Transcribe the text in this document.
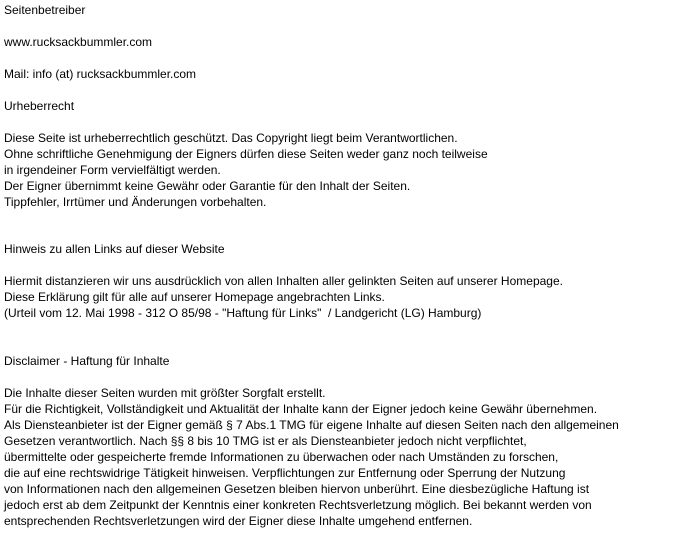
Seitenbetreiber
www.rucksackbummler.com
Mail: info (at) rucksackbummler.com
Urheberrecht
Diese Seite ist urheberrechtlich geschützt. Das Copyright liegt beim Verantwortlichen.
Ohne schriftliche Genehmigung der Eigners dürfen diese Seiten weder ganz noch teilweise
in irgendeiner Form vervielfältigt werden.
Der Eigner übernimmt keine Gewähr oder Garantie für den Inhalt der Seiten.
Tippfehler, Irrtümer und Änderungen vorbehalten.
Hinweis zu allen Links auf dieser Website
Hiermit distanzieren wir uns ausdrücklich von allen Inhalten aller gelinkten Seiten auf unserer Homepage.
Diese Erklärung gilt für alle auf unserer Homepage angebrachten Links.
(Urteil vom 12. Mai 1998 - 312 O 85/98 - "Haftung für Links"  / Landgericht (LG) Hamburg)
Disclaimer - Haftung für Inhalte
Die Inhalte dieser Seiten wurden mit größter Sorgfalt erstellt.
Für die Richtigkeit, Vollständigkeit und Aktualität der Inhalte kann der Eigner jedoch keine Gewähr übernehmen.
Als Diensteanbieter ist der Eigner gemäß § 7 Abs.1 TMG für eigene Inhalte auf diesen Seiten nach den allgemeinen
Gesetzen verantwortlich. Nach §§ 8 bis 10 TMG ist er als Diensteanbieter jedoch nicht verpflichtet,
übermittelte oder gespeicherte fremde Informationen zu überwachen oder nach Umständen zu forschen,
die auf eine rechtswidrige Tätigkeit hinweisen. Verpflichtungen zur Entfernung oder Sperrung der Nutzung
von Informationen nach den allgemeinen Gesetzen bleiben hiervon unberührt. Eine diesbezügliche Haftung ist
jedoch erst ab dem Zeitpunkt der Kenntnis einer konkreten Rechtsverletzung möglich. Bei bekannt werden von
entsprechenden Rechtsverletzungen wird der Eigner diese Inhalte umgehend entfernen.
